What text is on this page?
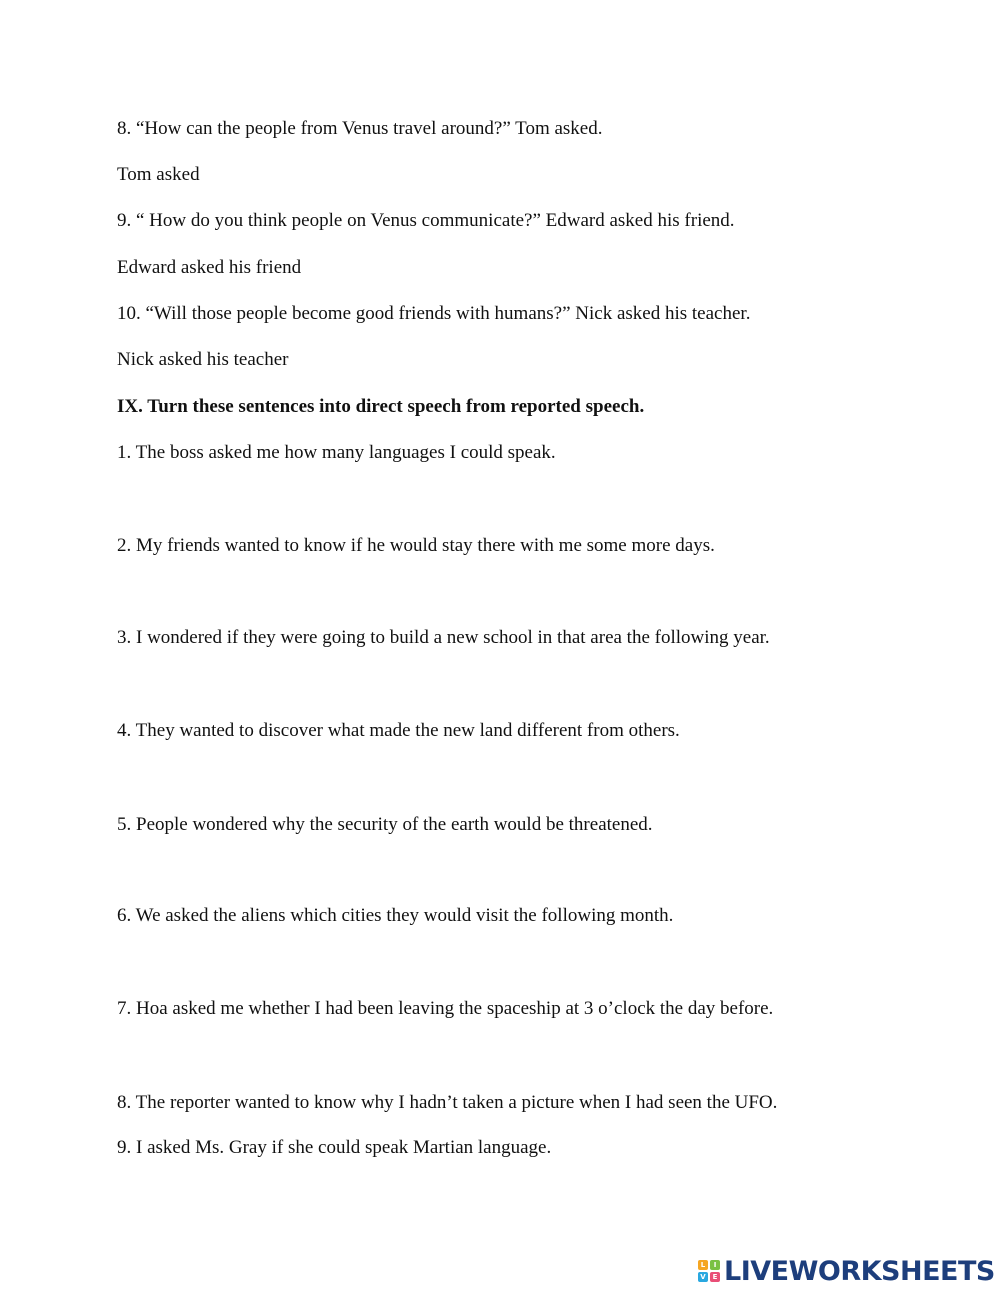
8. “How can the people from Venus travel around?” Tom asked.
Tom asked
9. “ How do you think people on Venus communicate?” Edward asked his friend.
Edward asked his friend
10. “Will those people become good friends with humans?” Nick asked his teacher.
Nick asked his teacher
IX. Turn these sentences into direct speech from reported speech.
1. The boss asked me how many languages I could speak.
2. My friends wanted to know if he would stay there with me some more days.
3. I wondered if they were going to build a new school in that area the following year.
4. They wanted to discover what made the new land different from others.
5. People wondered why the security of the earth would be threatened.
6. We asked the aliens which cities they would visit the following month.
7. Hoa asked me whether I had been leaving the spaceship at 3 o’clock the day before.
8. The reporter wanted to know why I hadn’t taken a picture when I had seen the UFO.
9. I asked Ms. Gray if she could speak Martian language.
L	I
V E LIVEWORKSHEETS
